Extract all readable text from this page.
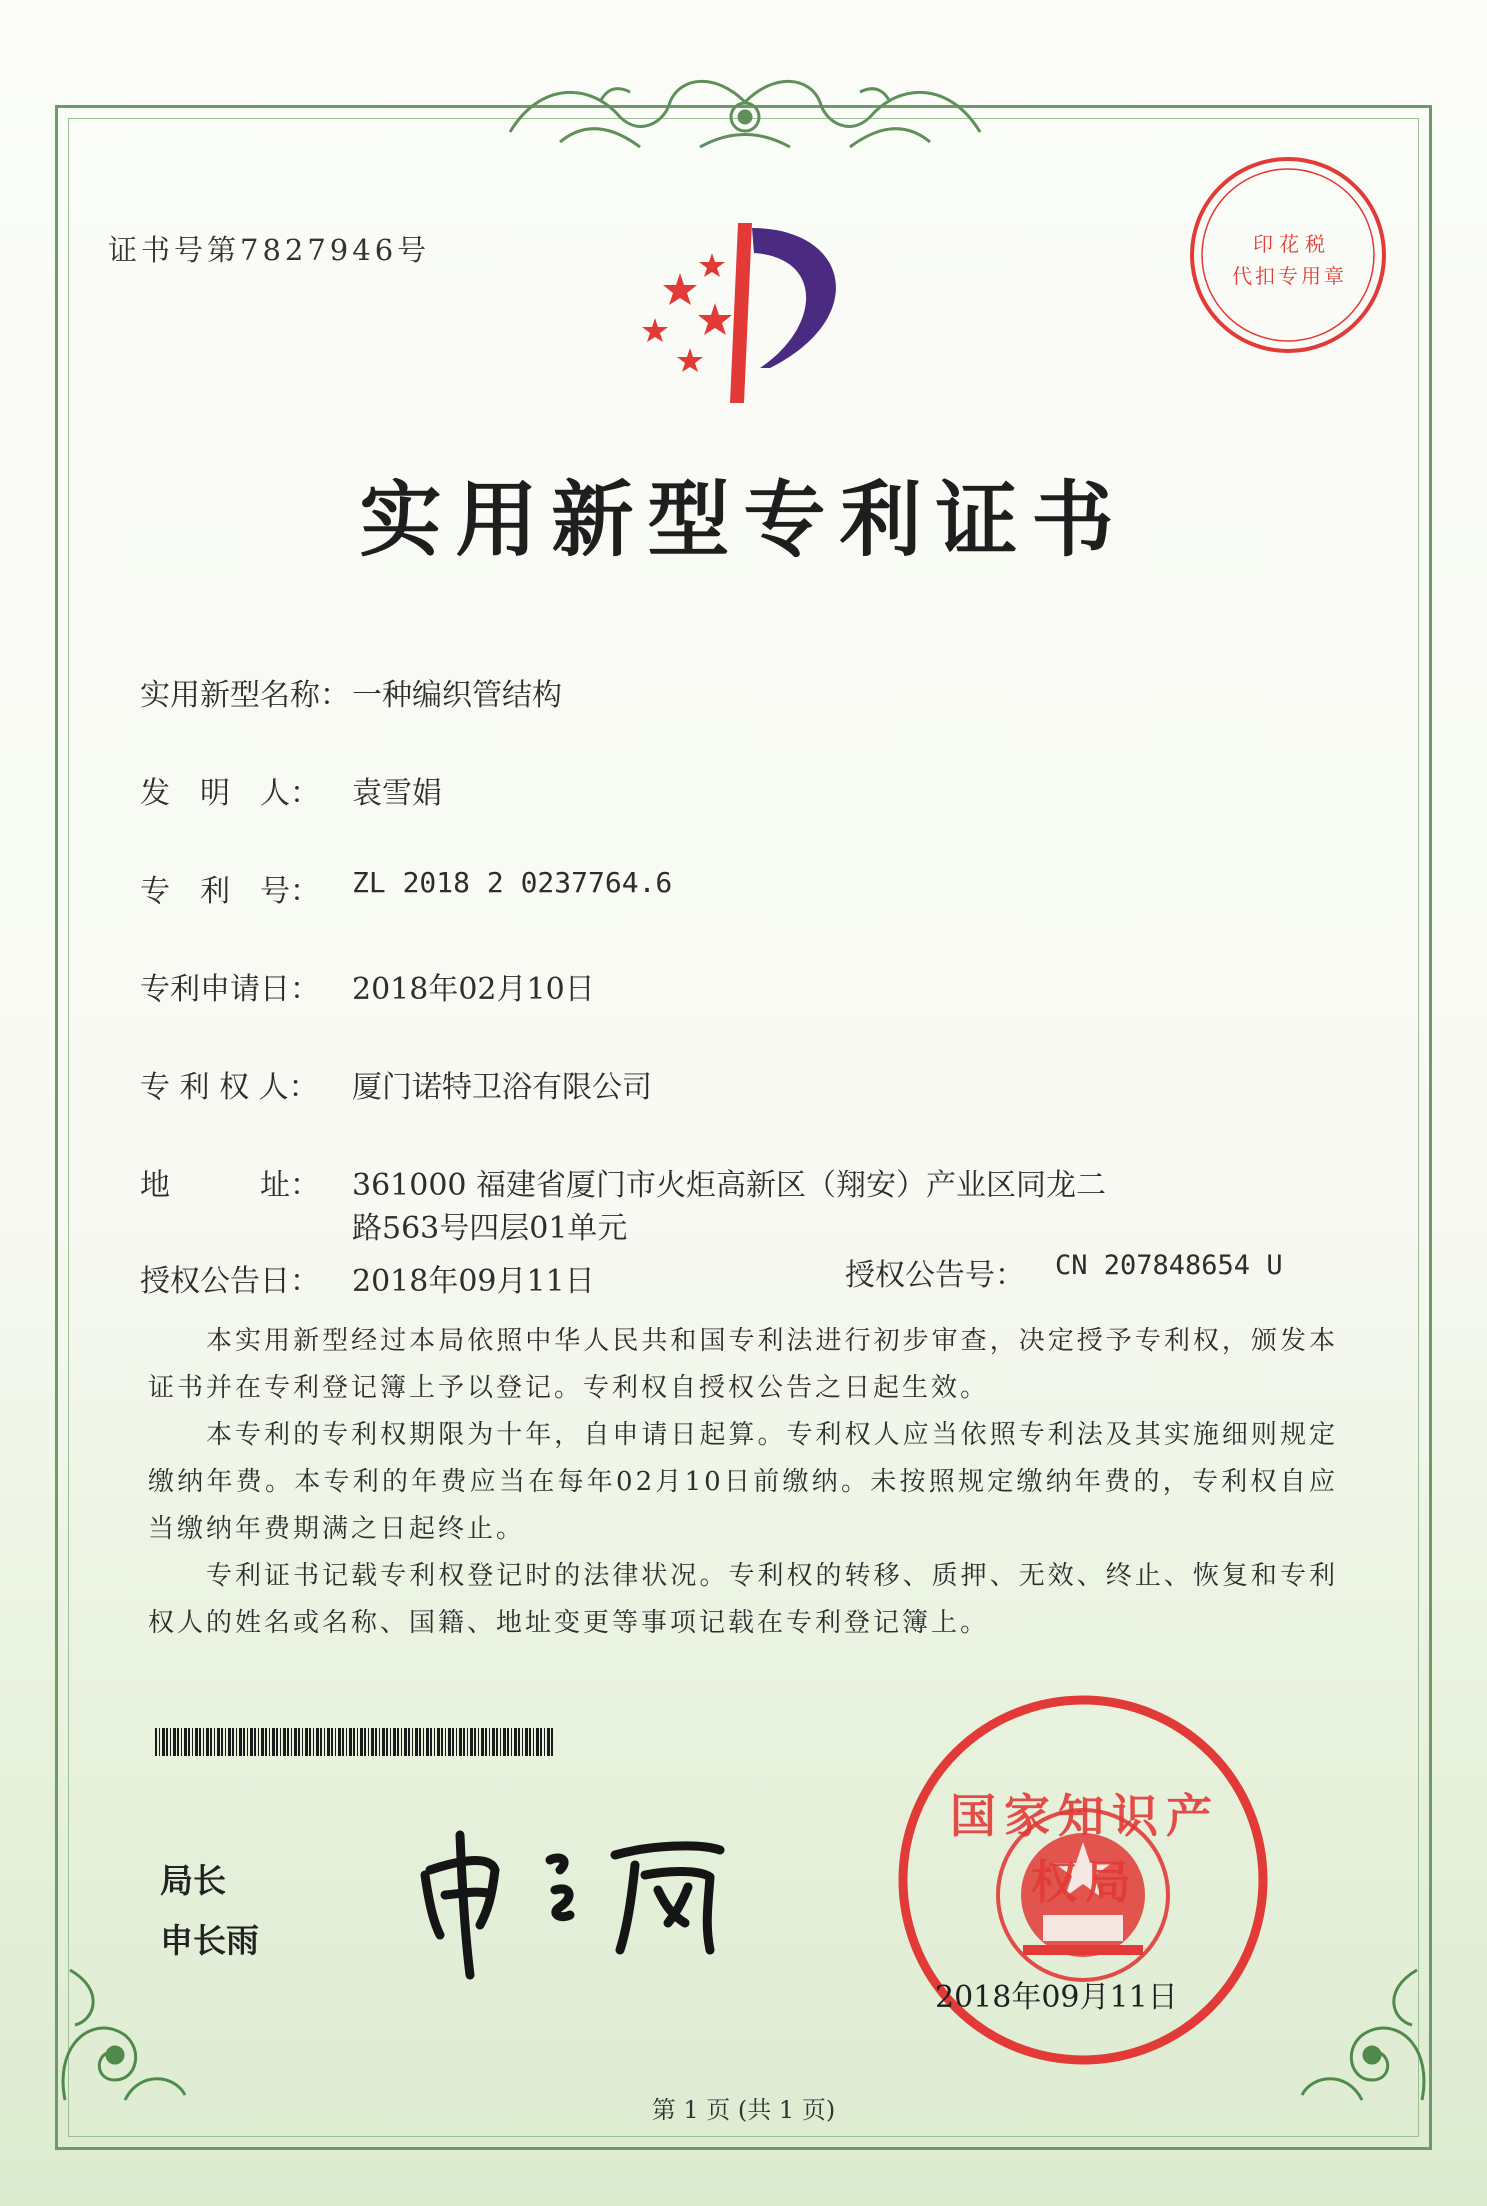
印花税
代扣专用章
证书号第7827946号
实用新型专利证书
实用新型名称： 一种编织管结构
发　明　人： 袁雪娟
专　利　号： ZL 2018 2 0237764.6
专利申请日： 2018年02月10日
专 利 权 人： 厦门诺特卫浴有限公司
地　　　址： 361000 福建省厦门市火炬高新区（翔安）产业区同龙二
路563号四层01单元
授权公告日： 2018年09月11日	授权公告号： CN 207848654 U

本实用新型经过本局依照中华人民共和国专利法进行初步审查，决定授予专利权，颁发本证书并在专利登记簿上予以登记。专利权自授权公告之日起生效。

本专利的专利权期限为十年，自申请日起算。专利权人应当依照专利法及其实施细则规定缴纳年费。本专利的年费应当在每年02月10日前缴纳。未按照规定缴纳年费的，专利权自应当缴纳年费期满之日起终止。

专利证书记载专利权登记时的法律状况。专利权的转移、质押、无效、终止、恢复和专利权人的姓名或名称、国籍、地址变更等事项记载在专利登记簿上。

局长
申长雨
国家知识产权局
2018年09月11日
第 1 页 (共 1 页)
